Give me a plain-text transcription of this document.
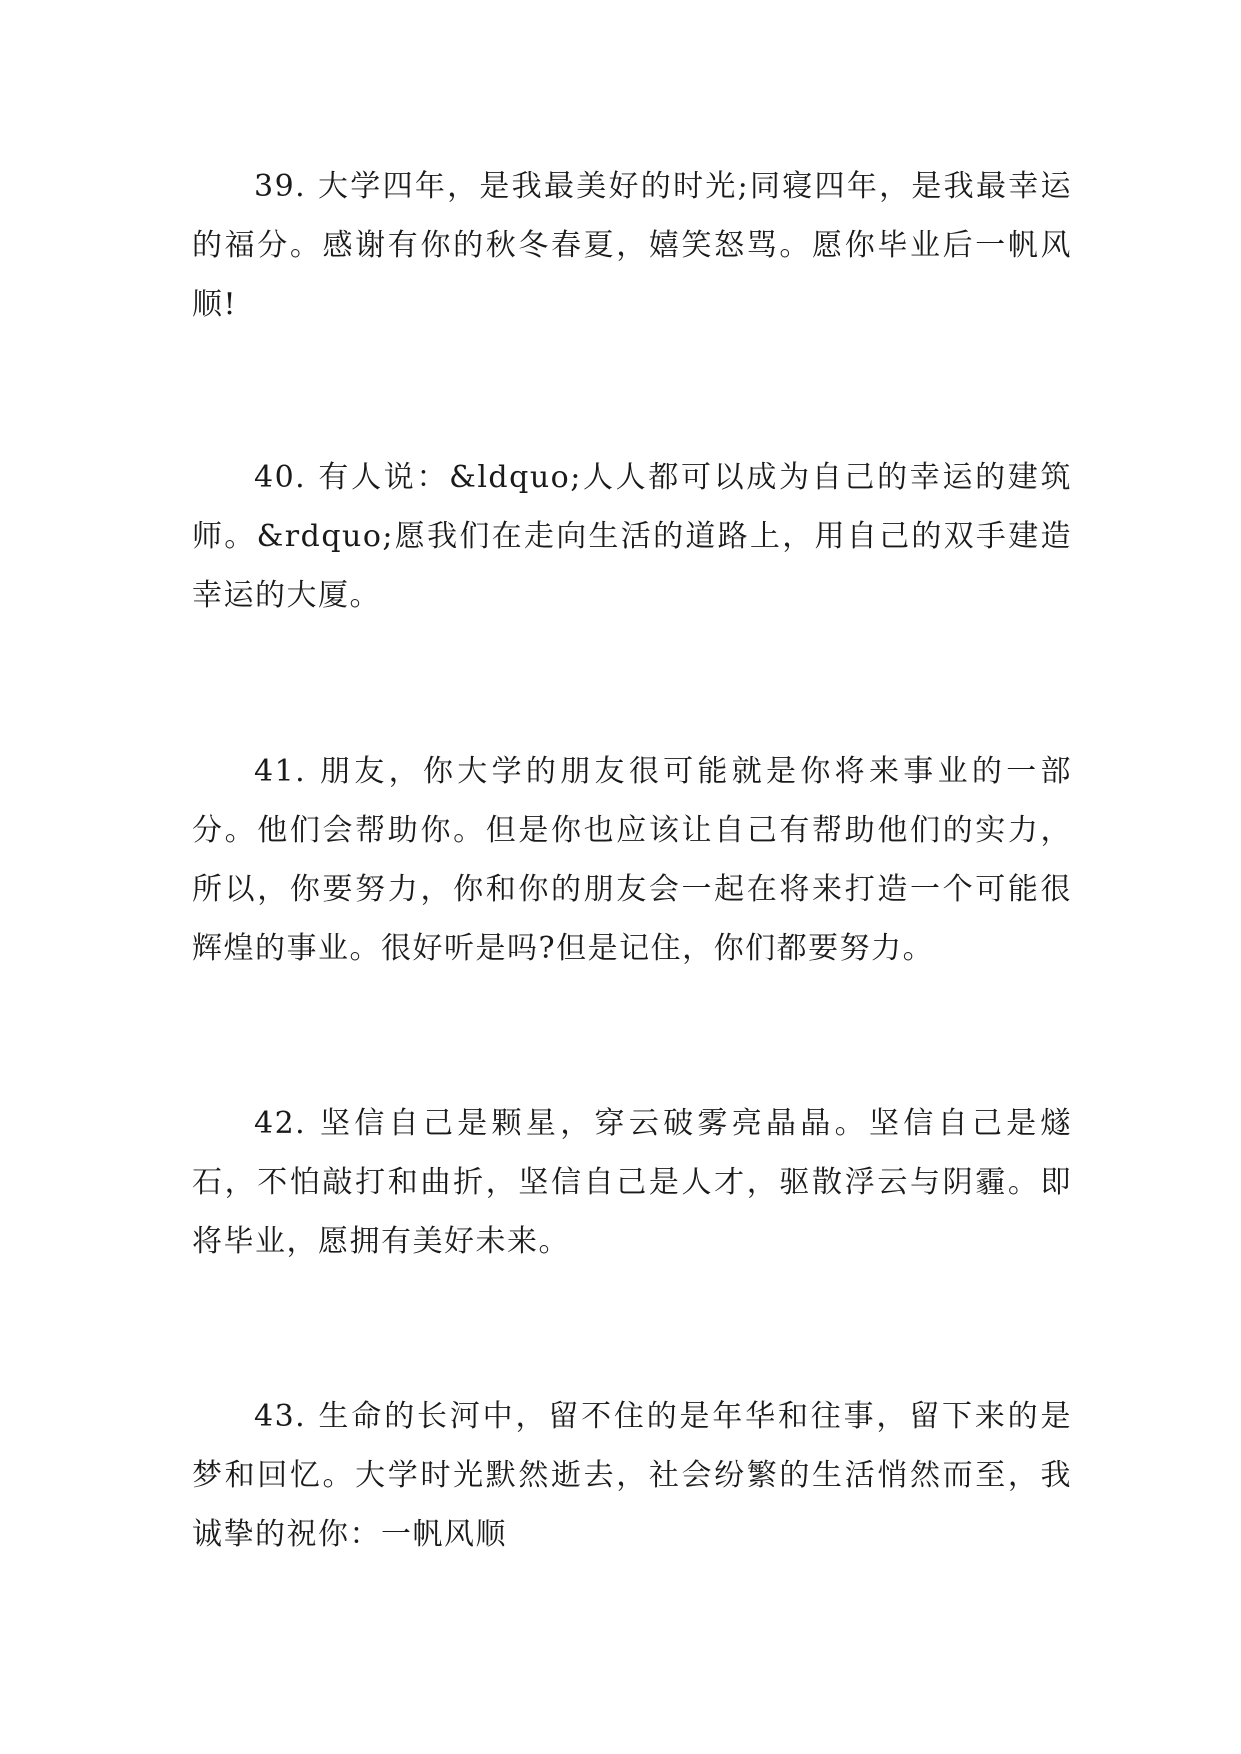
39. 大学四年，是我最美好的时光;同寝四年，是我最幸运的福分。感谢有你的秋冬春夏，嬉笑怒骂。愿你毕业后一帆风顺!

40. 有人说：&ldquo;人人都可以成为自己的幸运的建筑师。&rdquo;愿我们在走向生活的道路上，用自己的双手建造幸运的大厦。

41. 朋友，你大学的朋友很可能就是你将来事业的一部分。他们会帮助你。但是你也应该让自己有帮助他们的实力，所以，你要努力，你和你的朋友会一起在将来打造一个可能很辉煌的事业。很好听是吗?但是记住，你们都要努力。

42. 坚信自己是颗星，穿云破雾亮晶晶。坚信自己是燧石，不怕敲打和曲折，坚信自己是人才，驱散浮云与阴霾。即将毕业，愿拥有美好未来。

43. 生命的长河中，留不住的是年华和往事，留下来的是梦和回忆。大学时光默然逝去，社会纷繁的生活悄然而至，我诚挚的祝你：一帆风顺
